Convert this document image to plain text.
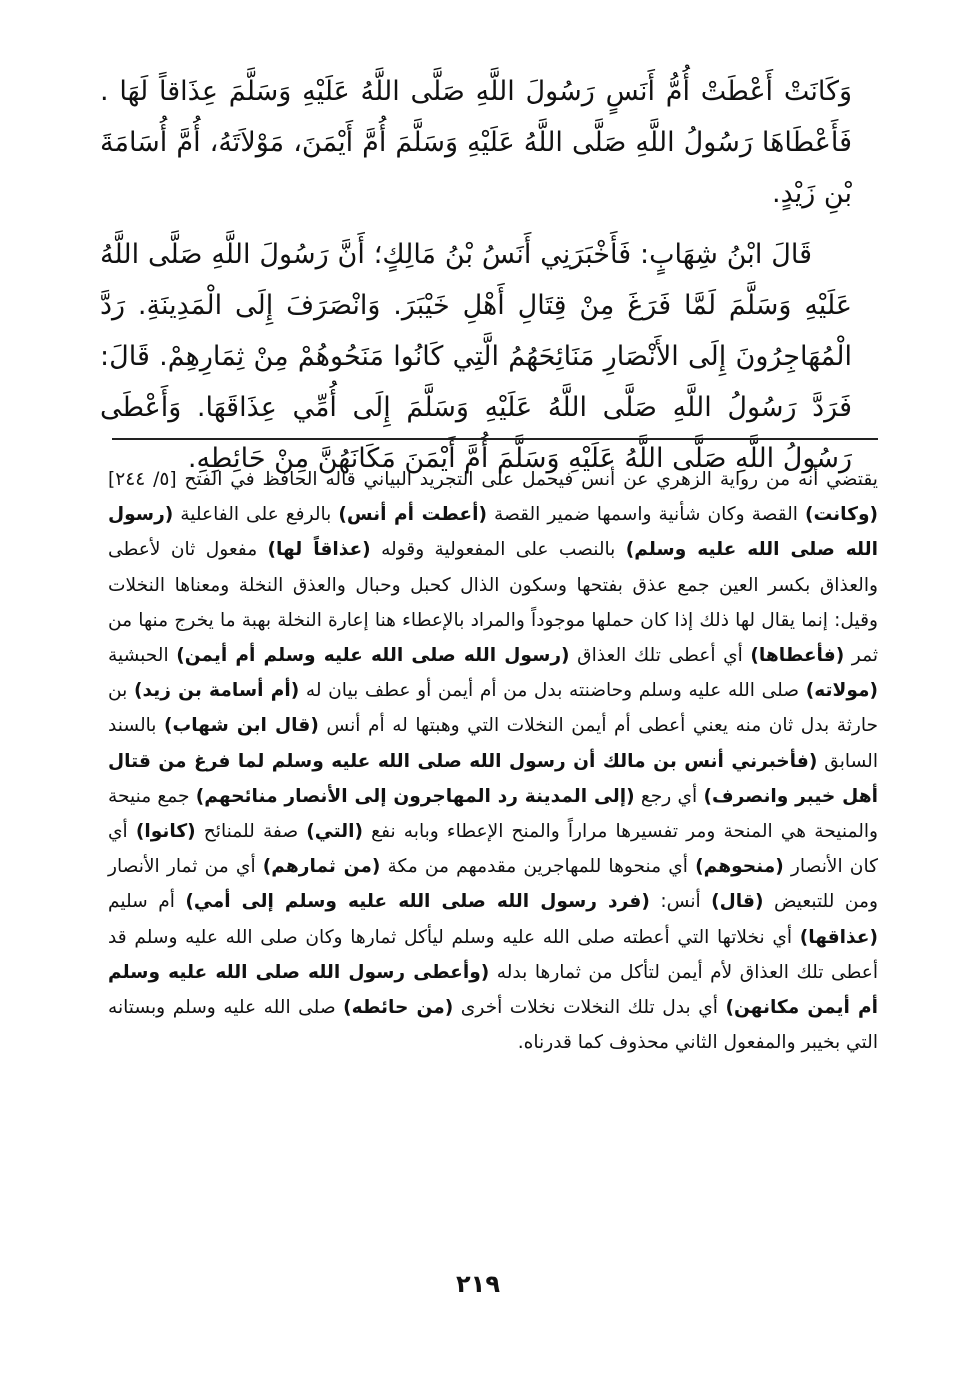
وَكَانَتْ أَعْطَتْ أُمُّ أَنَسٍ رَسُولَ اللَّهِ صَلَّى اللَّهُ عَلَيْهِ وَسَلَّمَ عِذَاقاً لَهَا . فَأَعْطَاهَا رَسُولُ اللَّهِ صَلَّى اللَّهُ عَلَيْهِ وَسَلَّمَ أُمَّ أَيْمَنَ، مَوْلاَتَهُ، أُمَّ أُسَامَةَ بْنِ زَيْدٍ.

قَالَ ابْنُ شِهَابٍ: فَأَخْبَرَنِي أَنَسُ بْنُ مَالِكٍ؛ أَنَّ رَسُولَ اللَّهِ صَلَّى اللَّهُ عَلَيْهِ وَسَلَّمَ لَمَّا فَرَغَ مِنْ قِتَالِ أَهْلِ خَيْبَرَ. وَانْصَرَفَ إِلَى الْمَدِينَةِ. رَدَّ الْمُهَاجِرُونَ إِلَى الأَنْصَارِ مَنَائِحَهُمُ الَّتِي كَانُوا مَنَحُوهُمْ مِنْ ثِمَارِهِمْ. قَالَ: فَرَدَّ رَسُولُ اللَّهِ صَلَّى اللَّهُ عَلَيْهِ وَسَلَّمَ إِلَى أُمِّي عِذَاقَهَا. وَأَعْطَى رَسُولُ اللَّهِ صَلَّى اللَّهُ عَلَيْهِ وَسَلَّمَ أُمَّ أَيْمَنَ مَكَانَهُنَّ مِنْ حَائِطِهِ.

يقتضي أنه من رواية الزهري عن أنس فيحمل على التجريد البياني قاله الحافظ في الفتح [٥/ ٢٤٤] (وكانت) القصة وكان شأنية واسمها ضمير القصة (أعطت أم أنس) بالرفع على الفاعلية (رسول الله صلى الله عليه وسلم) بالنصب على المفعولية وقوله (عذاقاً لها) مفعول ثان لأعطى والعذاق بكسر العين جمع عذق بفتحها وسكون الذال كحبل وحبال والعذق النخلة ومعناها النخلات وقيل: إنما يقال لها ذلك إذا كان حملها موجوداً والمراد بالإعطاء هنا إعارة النخلة بهبة ما يخرج منها من ثمر (فأعطاها) أي أعطى تلك العذاق (رسول الله صلى الله عليه وسلم أم أيمن) الحبشية (مولاته) صلى الله عليه وسلم وحاضنته بدل من أم أيمن أو عطف بيان له (أم أسامة بن زيد) بن حارثة بدل ثان منه يعني أعطى أم أيمن النخلات التي وهبتها له أم أنس (قال ابن شهاب) بالسند السابق (فأخبرني أنس بن مالك أن رسول الله صلى الله عليه وسلم لما فرغ من قتال أهل خيبر وانصرف) أي رجع (إلى المدينة رد المهاجرون إلى الأنصار منائحهم) جمع منيحة والمنيحة هي المنحة ومر تفسيرها مراراً والمنح الإعطاء وبابه نفع (التي) صفة للمنائح (كانوا) أي كان الأنصار (منحوهم) أي منحوها للمهاجرين مقدمهم من مكة (من ثمارهم) أي من ثمار الأنصار ومن للتبعيض (قال) أنس: (فرد رسول الله صلى الله عليه وسلم إلى أمي) أم سليم (عذاقها) أي نخلاتها التي أعطته صلى الله عليه وسلم ليأكل ثمارها وكان صلى الله عليه وسلم قد أعطى تلك العذاق لأم أيمن لتأكل من ثمارها بدله (وأعطى رسول الله صلى الله عليه وسلم أم أيمن مكانهن) أي بدل تلك النخلات نخلات أخرى (من حائطه) صلى الله عليه وسلم وبستانه التي بخيبر والمفعول الثاني محذوف كما قدرناه.
٢١٩
